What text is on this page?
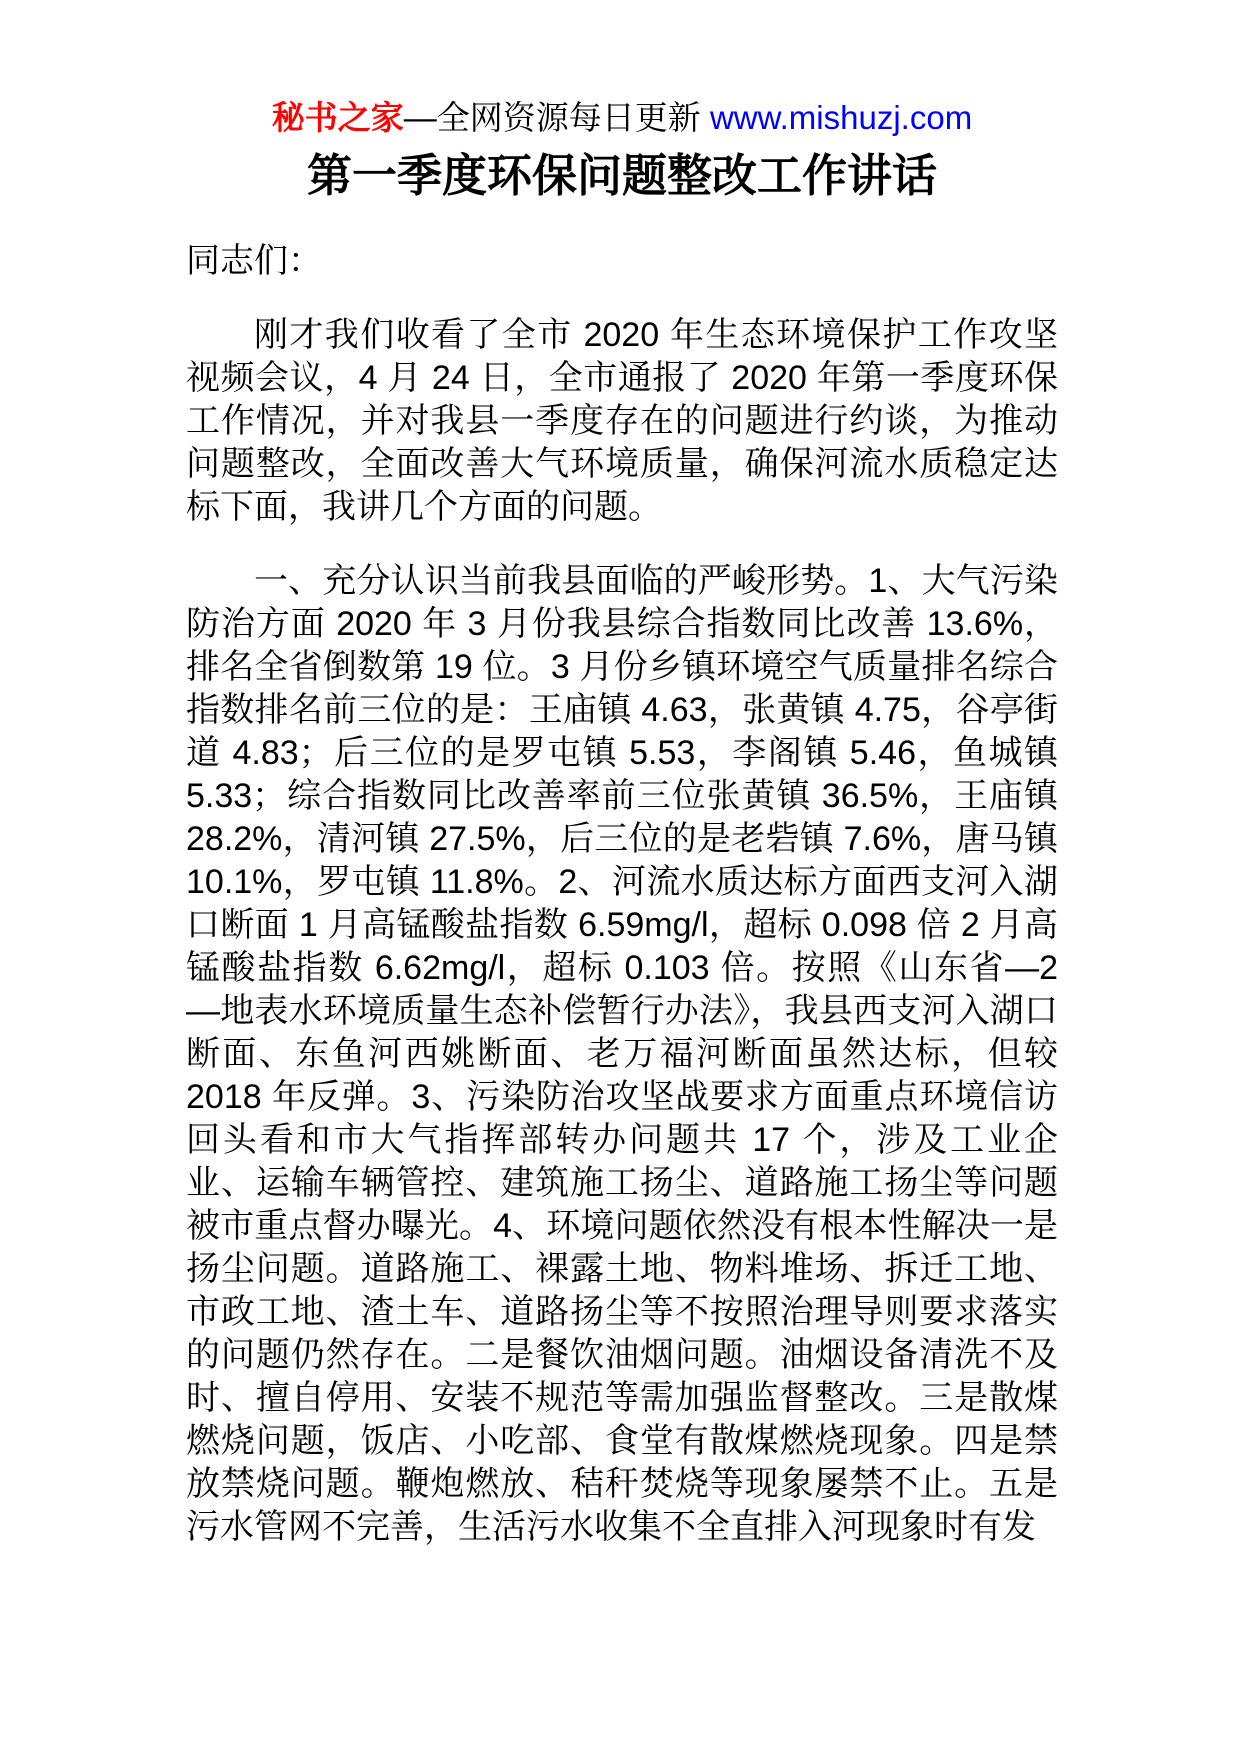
秘书之家—全网资源每日更新 www.mishuzj.com
第一季度环保问题整改工作讲话

同志们：

刚才我们收看了全市 2020 年生态环境保护工作攻坚视频会议，4 月 24 日，全市通报了 2020 年第一季度环保工作情况，并对我县一季度存在的问题进行约谈，为推动问题整改，全面改善大气环境质量，确保河流水质稳定达标下面，我讲几个方面的问题。

一、充分认识当前我县面临的严峻形势。1、大气污染防治方面 2020 年 3 月份我县综合指数同比改善 13.6%，排名全省倒数第 19 位。3 月份乡镇环境空气质量排名综合指数排名前三位的是：王庙镇 4.63，张黄镇 4.75，谷亭街道 4.83；后三位的是罗屯镇 5.53，李阁镇 5.46，鱼城镇 5.33；综合指数同比改善率前三位张黄镇 36.5%，王庙镇 28.2%，清河镇 27.5%，后三位的是老砦镇 7.6%，唐马镇 10.1%，罗屯镇 11.8%。2、河流水质达标方面西支河入湖口断面 1 月高锰酸盐指数 6.59mg/l，超标 0.098 倍 2 月高锰酸盐指数 6.62mg/l，超标 0.103 倍。按照《山东省—2—地表水环境质量生态补偿暂行办法》，我县西支河入湖口断面、东鱼河西姚断面、老万福河断面虽然达标，但较 2018 年反弹。3、污染防治攻坚战要求方面重点环境信访回头看和市大气指挥部转办问题共 17 个，涉及工业企业、运输车辆管控、建筑施工扬尘、道路施工扬尘等问题被市重点督办曝光。4、环境问题依然没有根本性解决一是扬尘问题。道路施工、裸露土地、物料堆场、拆迁工地、市政工地、渣土车、道路扬尘等不按照治理导则要求落实的问题仍然存在。二是餐饮油烟问题。油烟设备清洗不及时、擅自停用、安装不规范等需加强监督整改。三是散煤燃烧问题，饭店、小吃部、食堂有散煤燃烧现象。四是禁放禁烧问题。鞭炮燃放、秸秆焚烧等现象屡禁不止。五是污水管网不完善，生活污水收集不全直排入河现象时有发
